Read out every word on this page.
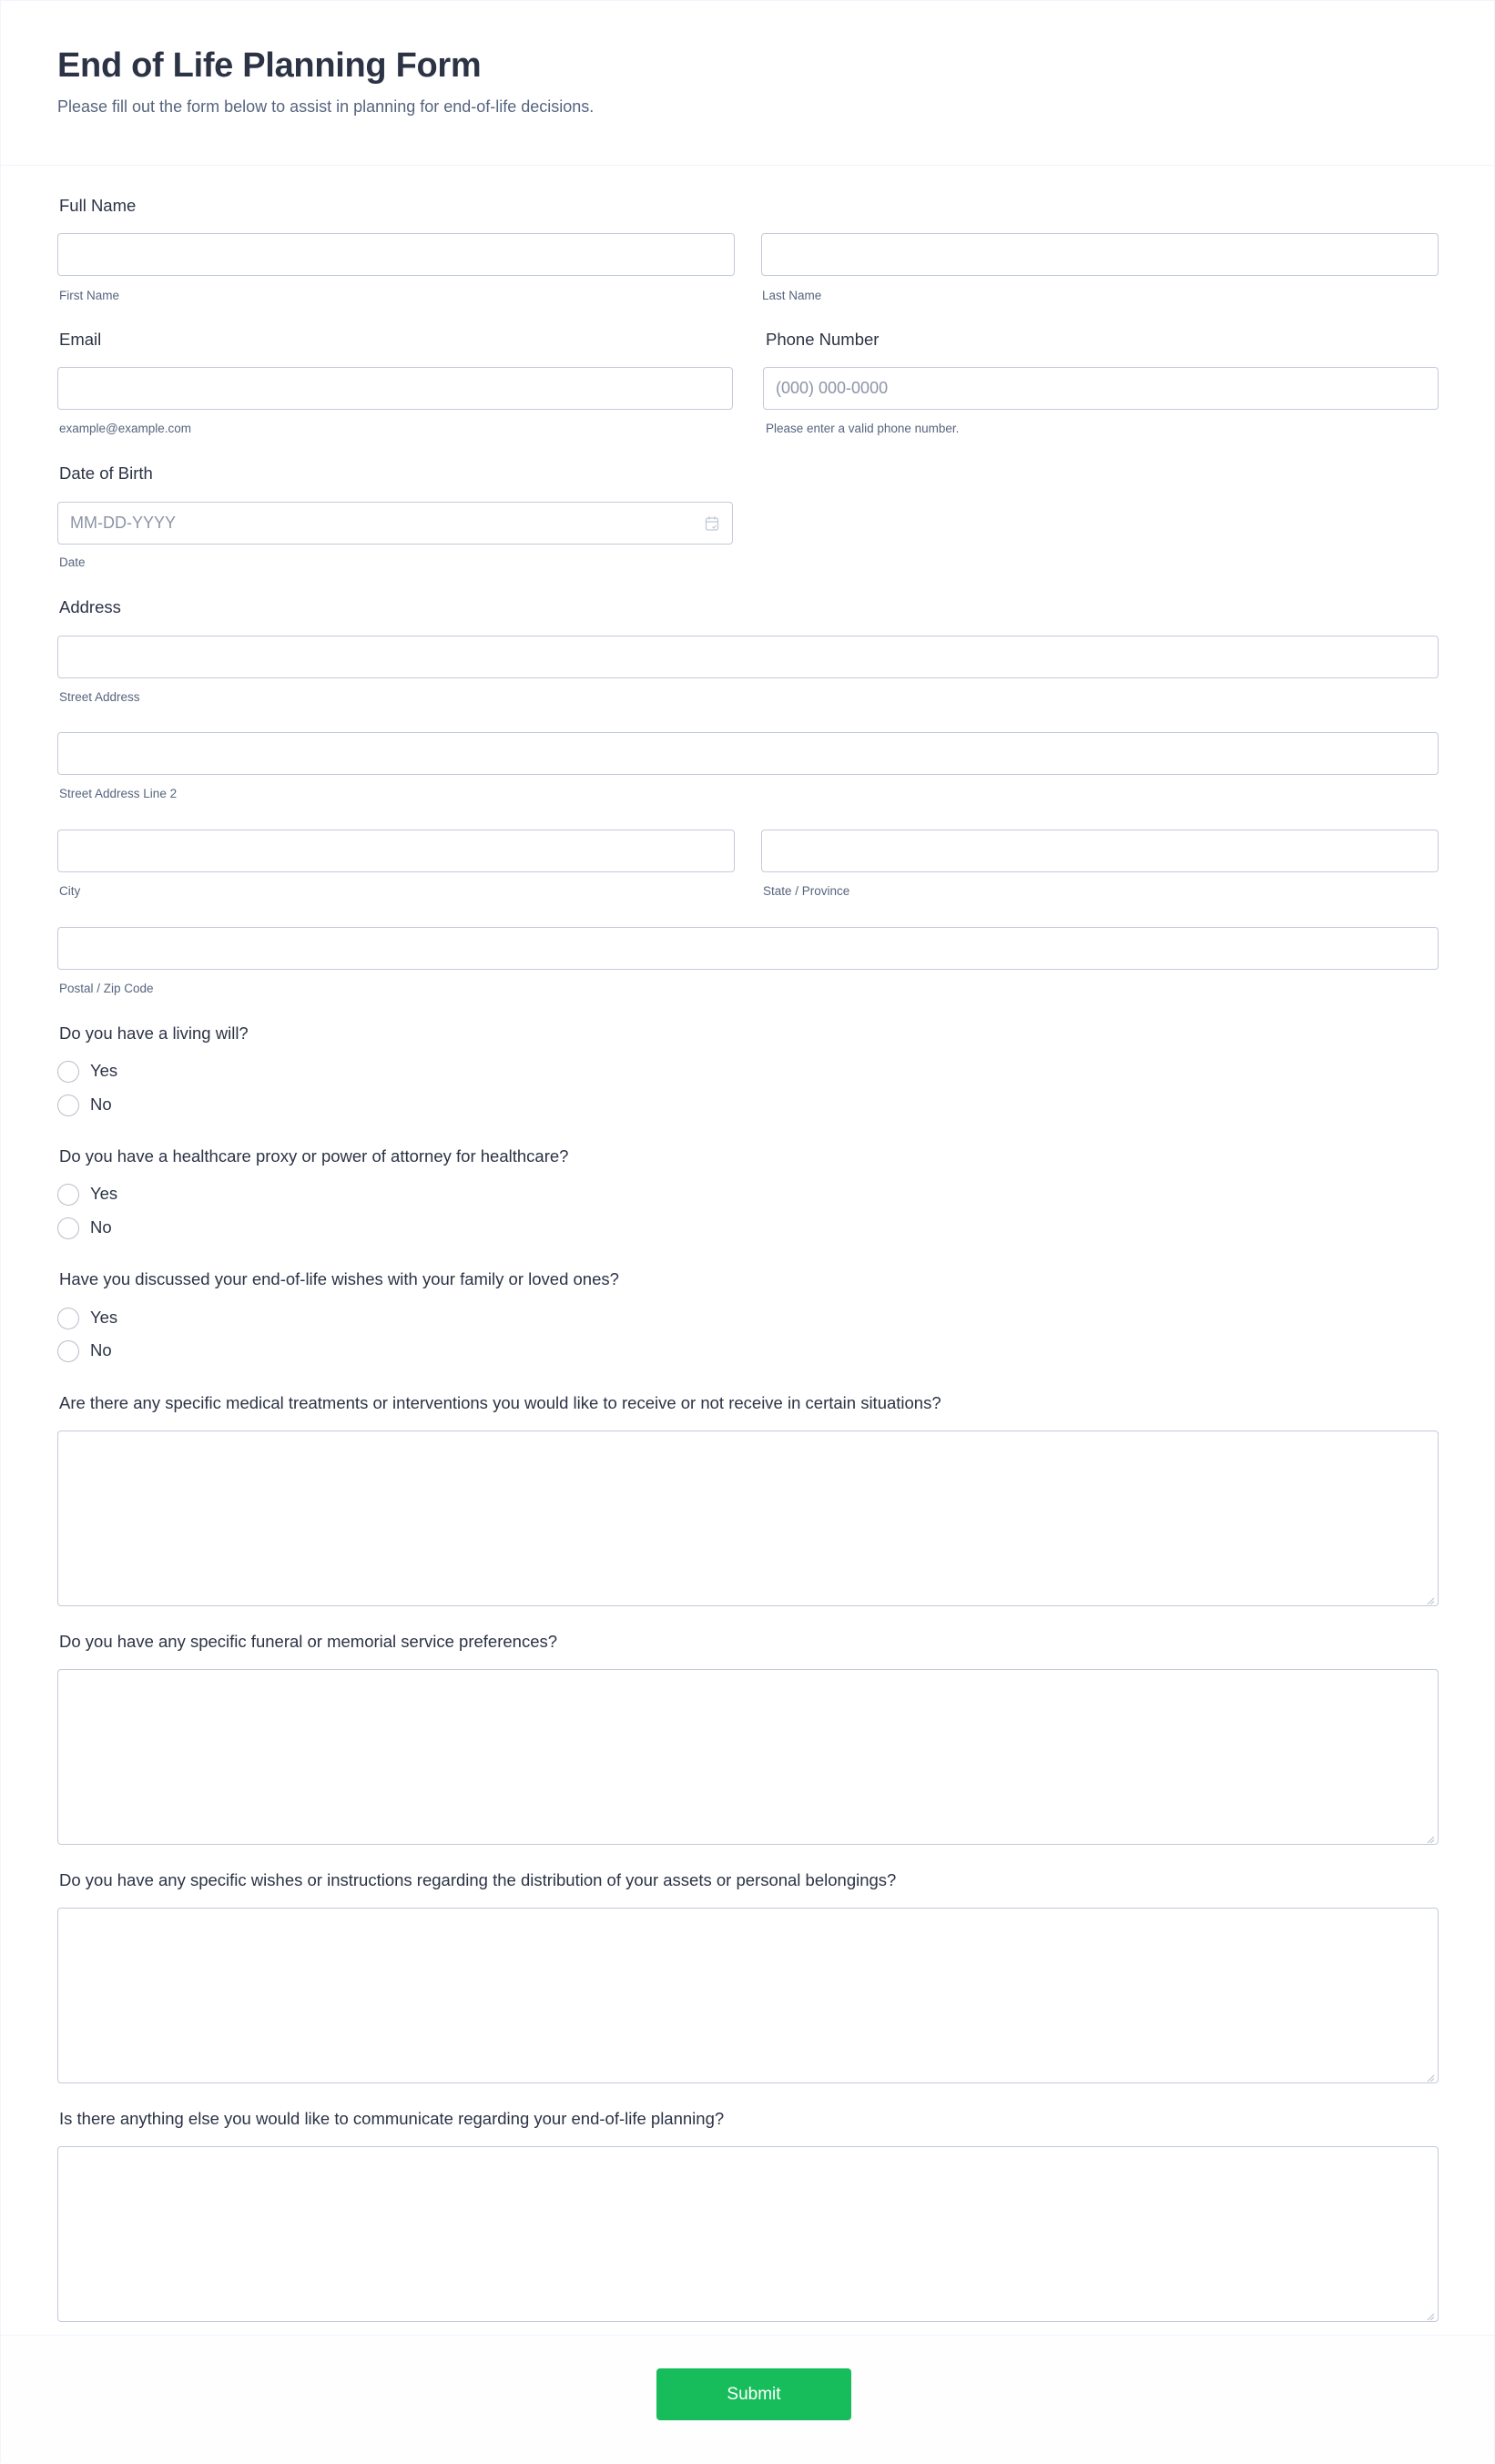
End of Life Planning Form

Please fill out the form below to assist in planning for end-of-life decisions.

Full Name
First Name	Last Name
Email
example@example.com
Phone Number
(000) 000-0000
Please enter a valid phone number.
Date of Birth
MM-DD-YYYY
Date
Address
Street Address
Street Address Line 2
City	State / Province
Postal / Zip Code
Do you have a living will?
Yes
No
Do you have a healthcare proxy or power of attorney for healthcare?
Yes
No
Have you discussed your end-of-life wishes with your family or loved ones?
Yes
No
Are there any specific medical treatments or interventions you would like to receive or not receive in certain situations?
Do you have any specific funeral or memorial service preferences?
Do you have any specific wishes or instructions regarding the distribution of your assets or personal belongings?
Is there anything else you would like to communicate regarding your end-of-life planning?
Submit
